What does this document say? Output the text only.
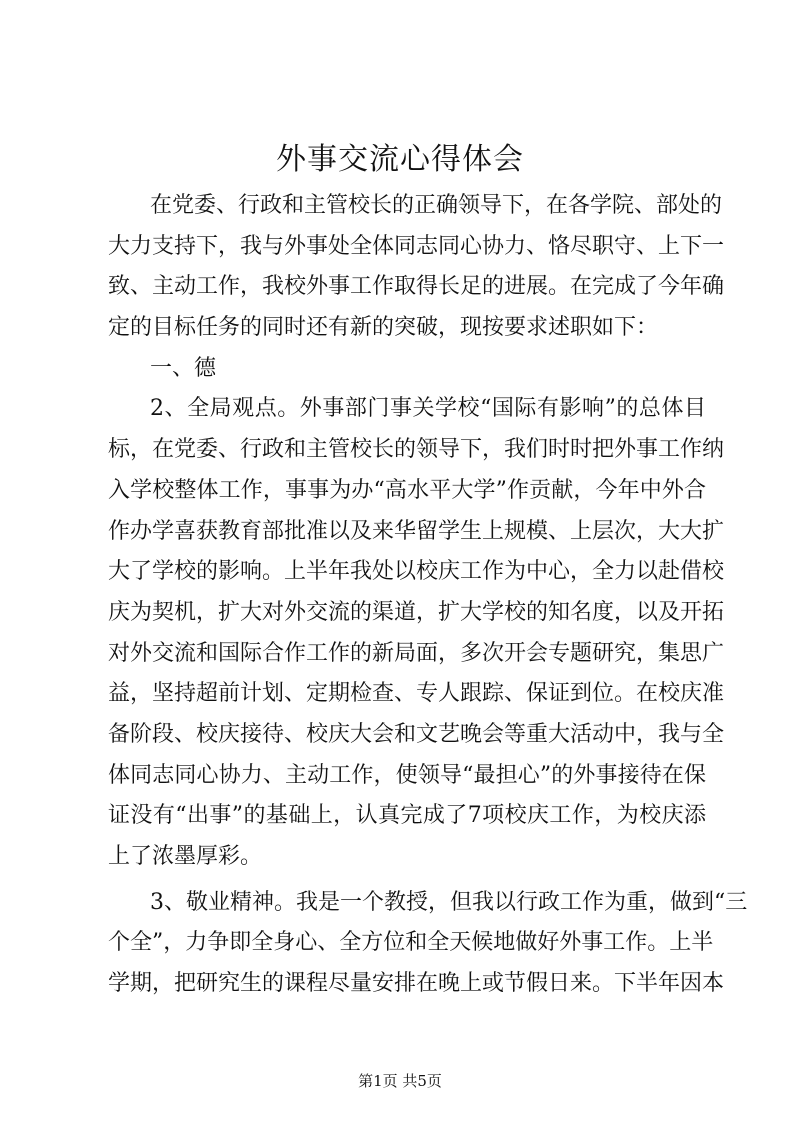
外事交流心得体会
在党委、行政和主管校长的正确领导下，在各学院、部处的
大力支持下，我与外事处全体同志同心协力、恪尽职守、上下一
致、主动工作，我校外事工作取得长足的进展。在完成了今年确
定的目标任务的同时还有新的突破，现按要求述职如下：
一、德
2、全局观点。外事部门事关学校“国际有影响”的总体目
标，在党委、行政和主管校长的领导下，我们时时把外事工作纳
入学校整体工作，事事为办“高水平大学”作贡献，今年中外合
作办学喜获教育部批准以及来华留学生上规模、上层次，大大扩
大了学校的影响。上半年我处以校庆工作为中心，全力以赴借校
庆为契机，扩大对外交流的渠道，扩大学校的知名度，以及开拓
对外交流和国际合作工作的新局面，多次开会专题研究，集思广
益，坚持超前计划、定期检查、专人跟踪、保证到位。在校庆准
备阶段、校庆接待、校庆大会和文艺晚会等重大活动中，我与全
体同志同心协力、主动工作，使领导“最担心”的外事接待在保
证没有“出事”的基础上，认真完成了7项校庆工作，为校庆添
上了浓墨厚彩。
3、敬业精神。我是一个教授，但我以行政工作为重，做到“三
个全”，力争即全身心、全方位和全天候地做好外事工作。上半
学期，把研究生的课程尽量安排在晚上或节假日来。下半年因本
第1页 共5页
